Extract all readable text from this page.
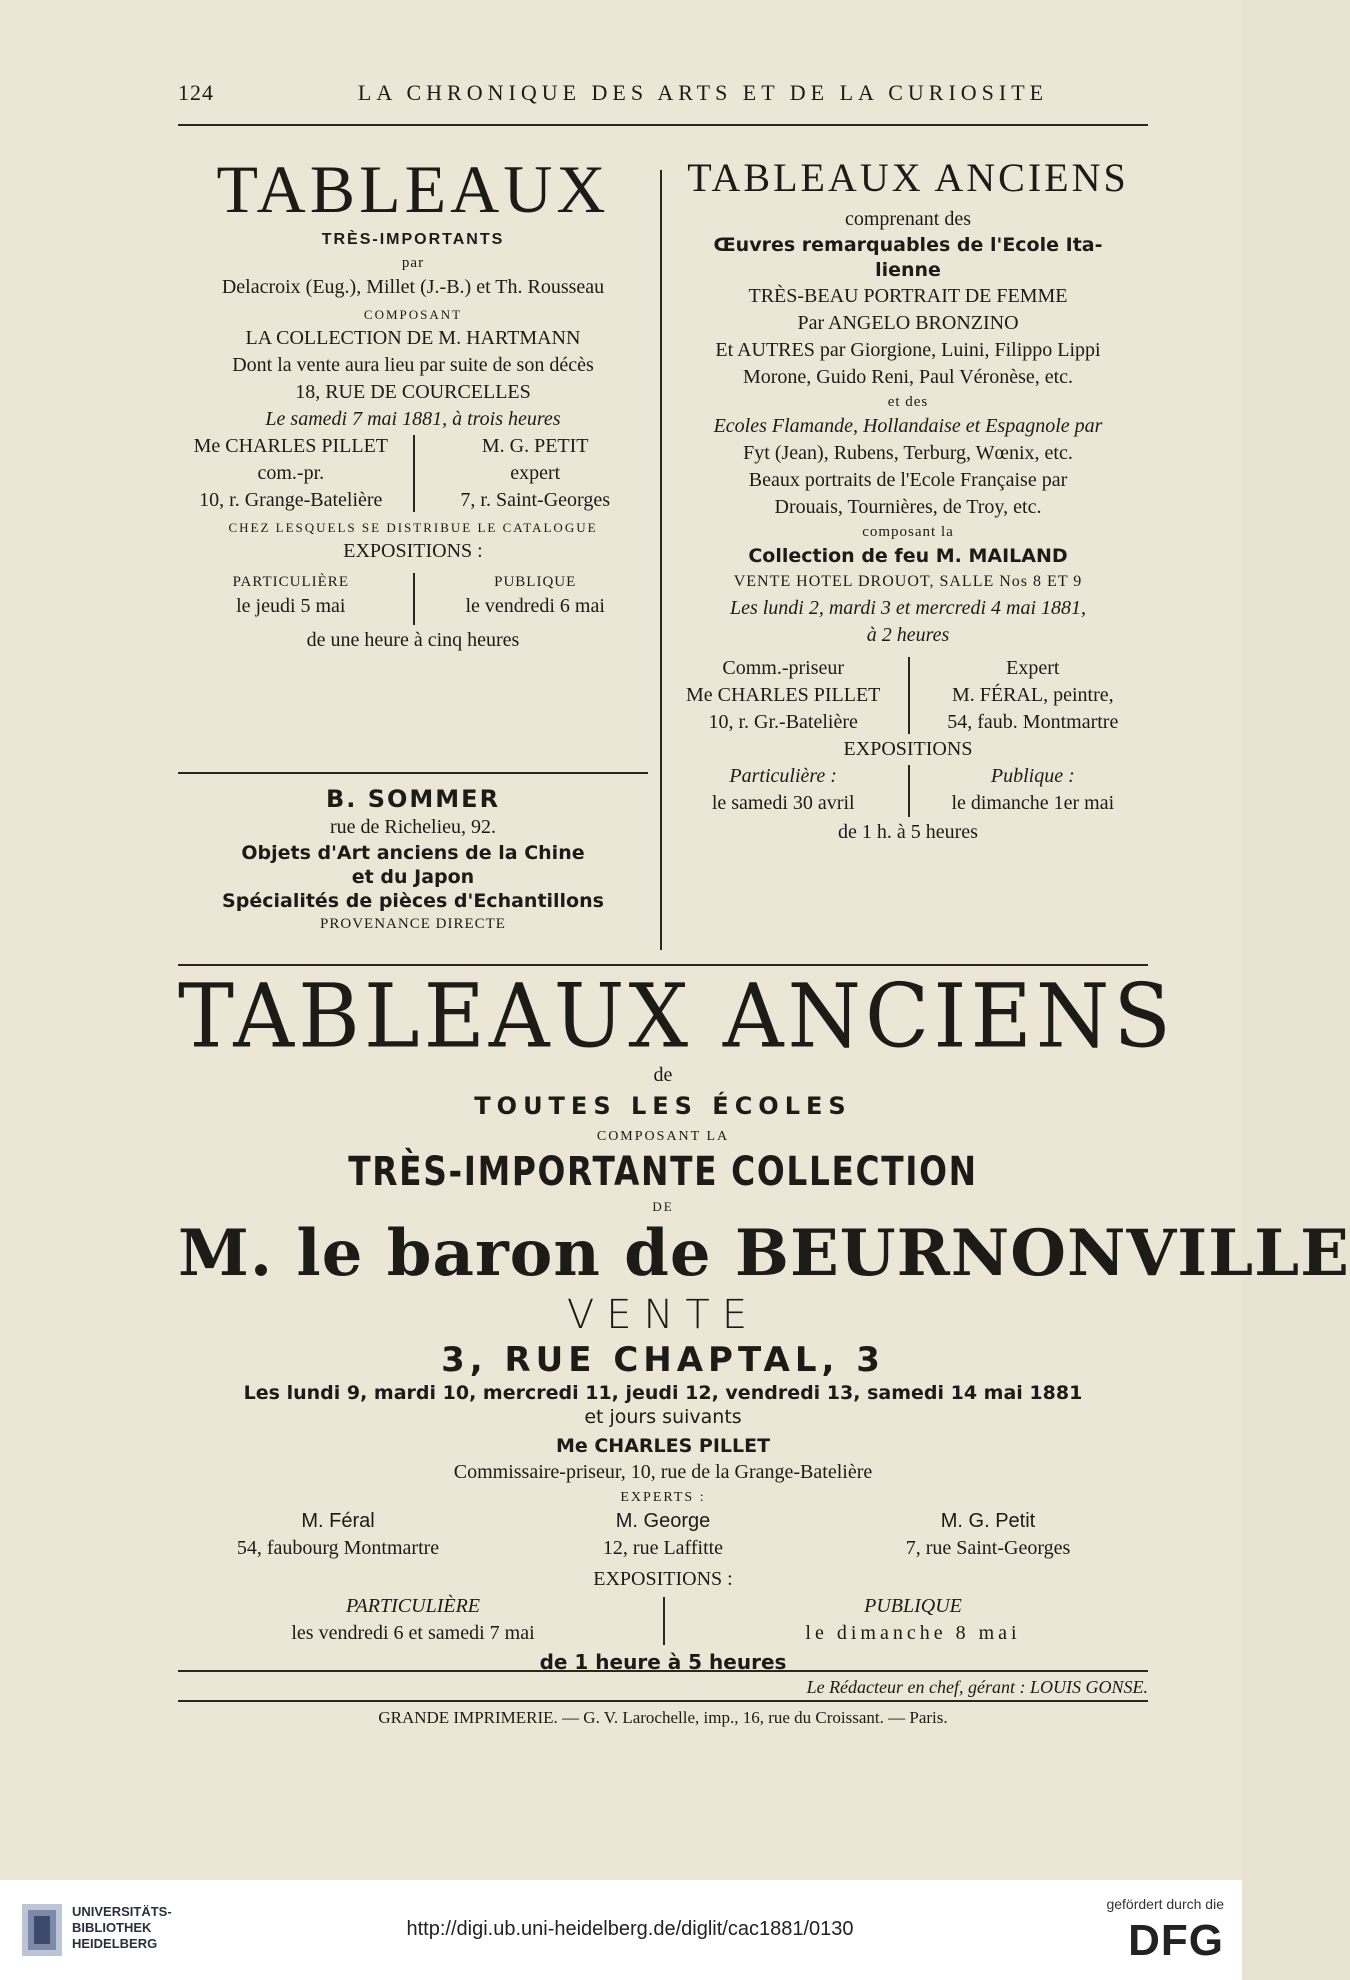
124	LA CHRONIQUE DES ARTS ET DE LA CURIOSITE
TABLEAUX
TRÈS-IMPORTANTS
par
Delacroix (Eug.), Millet (J.-B.) et Th. Rousseau
COMPOSANT
LA COLLECTION DE M. HARTMANN
Dont la vente aura lieu par suite de son décès
18, RUE DE COURCELLES
Le samedi 7 mai 1881, à trois heures
Me CHARLES PILLET
com.-pr.
10, r. Grange-Batelière
M. G. PETIT
expert
7, r. Saint-Georges
CHEZ LESQUELS SE DISTRIBUE LE CATALOGUE
EXPOSITIONS :
PARTICULIÈRE
le jeudi 5 mai
PUBLIQUE
le vendredi 6 mai
de une heure à cinq heures
B. SOMMER
rue de Richelieu, 92.
Objets d'Art anciens de la Chine
et du Japon
Spécialités de pièces d'Echantillons
PROVENANCE DIRECTE
TABLEAUX ANCIENS
comprenant des
Œuvres remarquables de l'Ecole Ita-
lienne
TRÈS-BEAU PORTRAIT DE FEMME
Par ANGELO BRONZINO
Et AUTRES par Giorgione, Luini, Filippo Lippi
Morone, Guido Reni, Paul Véronèse, etc.
et des
Ecoles Flamande, Hollandaise et Espagnole par
Fyt (Jean), Rubens, Terburg, Wœnix, etc.
Beaux portraits de l'Ecole Française par
Drouais, Tournières, de Troy, etc.
composant la
Collection de feu M. MAILAND
VENTE HOTEL DROUOT, SALLE Nos 8 ET 9
Les lundi 2, mardi 3 et mercredi 4 mai 1881,
à 2 heures
Comm.-priseur
Me CHARLES PILLET
10, r. Gr.-Batelière
Expert
M. FÉRAL, peintre,
54, faub. Montmartre
EXPOSITIONS
Particulière :
le samedi 30 avril
Publique :
le dimanche 1er mai
de 1 h. à 5 heures
TABLEAUX ANCIENS
de
TOUTES LES ÉCOLES
COMPOSANT LA
TRÈS-IMPORTANTE COLLECTION
DE
M. le baron de BEURNONVILLE
VENTE
3, RUE CHAPTAL, 3
Les lundi 9, mardi 10, mercredi 11, jeudi 12, vendredi 13, samedi 14 mai 1881
et jours suivants
Me CHARLES PILLET
Commissaire-priseur, 10, rue de la Grange-Batelière
EXPERTS :
M. Féral
54, faubourg Montmartre
M. George
12, rue Laffitte
M. G. Petit
7, rue Saint-Georges
EXPOSITIONS :
PARTICULIÈRE
les vendredi 6 et samedi 7 mai
PUBLIQUE
le dimanche 8 mai
de 1 heure à 5 heures
Le Rédacteur en chef, gérant : LOUIS GONSE.
GRANDE IMPRIMERIE. — G. V. Larochelle, imp., 16, rue du Croissant. — Paris.
UNIVERSITÄTS-
BIBLIOTHEK
HEIDELBERG
http://digi.ub.uni-heidelberg.de/diglit/cac1881/0130
gefördert durch die
DFG
